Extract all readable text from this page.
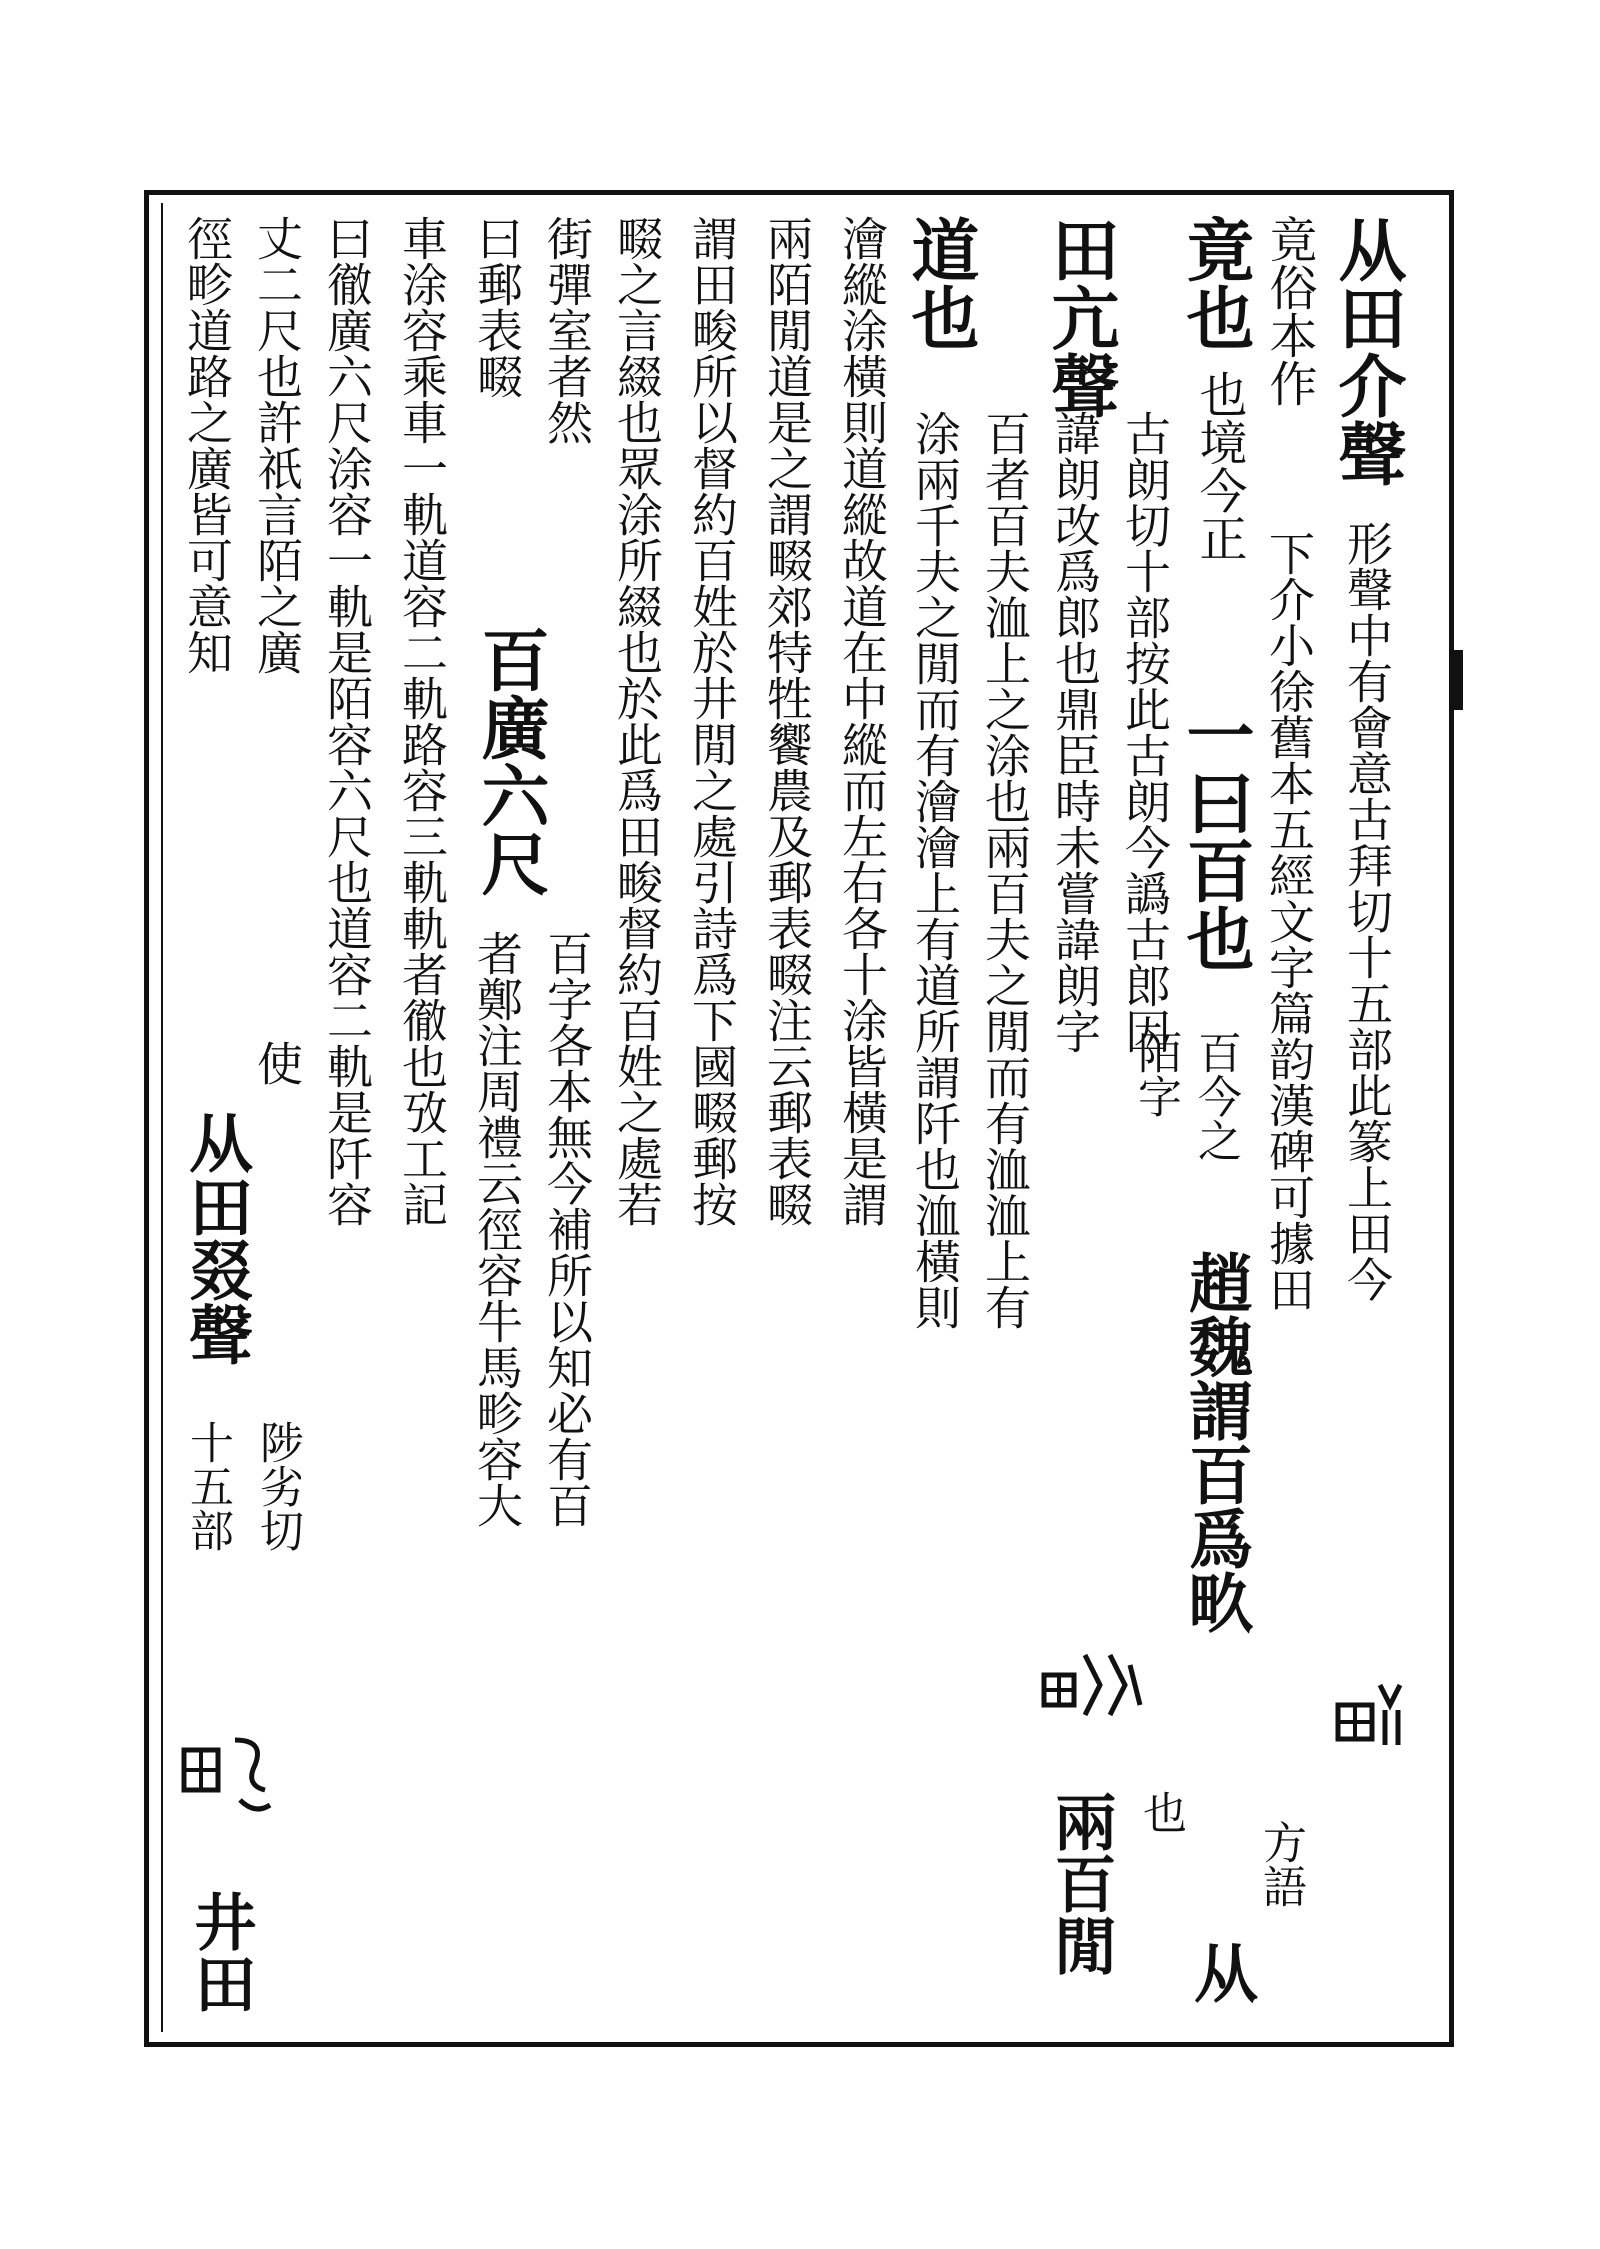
从田介聲
形聲中有會意古拜切十五部此篆上田今
竟俗本作
下介小徐舊本五經文字篇韵漢碑可據田
竟也
也境今正
一曰百也
百今之
陌字
趙魏謂百爲畂
也
方語
从
田亢聲
古朗切十部按此古朗今譌古郎因
諱朗改爲郎也鼎臣時未嘗諱朗字
兩百閒
道也
百者百夫洫上之涂也兩百夫之閒而有洫洫上有
涂兩千夫之閒而有澮澮上有道所謂阡也洫橫則
澮縱涂橫則道縱故道在中縱而左右各十涂皆橫是謂
兩陌閒道是之謂畷郊特牲饗農及郵表畷注云郵表畷
謂田畯所以督約百姓於井閒之處引詩爲下國畷郵按
畷之言綴也眾涂所綴也於此爲田畯督約百姓之處若
街彈室者然
曰郵表畷
百廣六尺
百字各本無今補所以知必有百
者鄭注周禮云徑容牛馬畛容大
車涂容乘車一軌道容二軌路容三軌軌者徹也攷工記
曰徹廣六尺涂容一軌是陌容六尺也道容二軌是阡容
丈二尺也許祇言陌之廣
徑畛道路之廣皆可意知
使
从田叕聲
陟劣切
十五部
井田
